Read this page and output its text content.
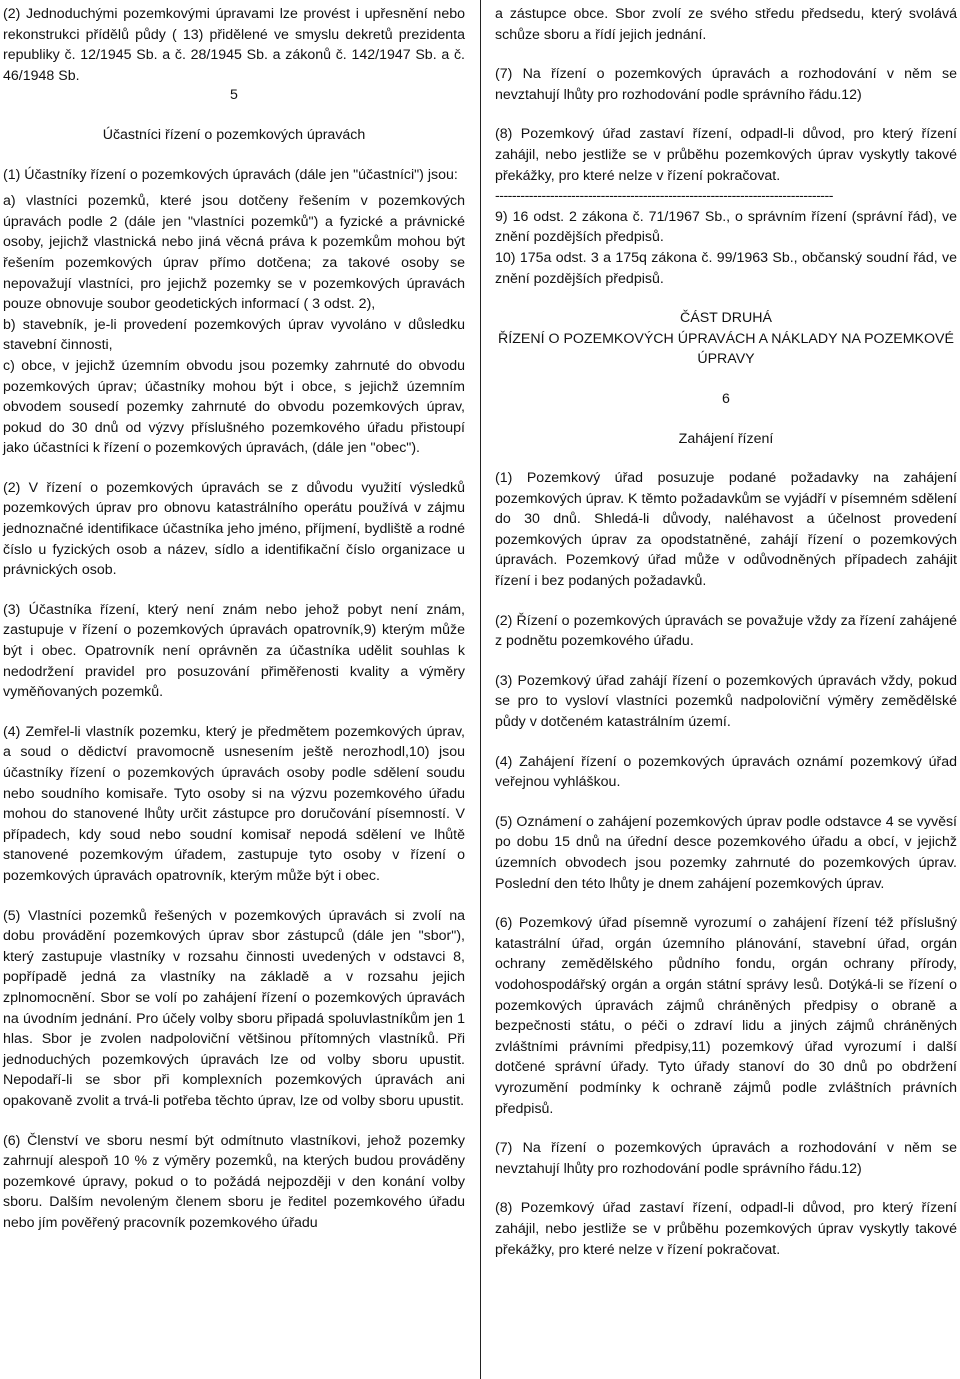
(2) Jednoduchými pozemkovými úpravami lze provést i upřesnění nebo rekonstrukci přídělů půdy ( 13) přidělené ve smyslu dekretů prezidenta republiky č. 12/1945 Sb. a č. 28/1945 Sb. a zákonů č. 142/1947 Sb. a č. 46/1948 Sb.

5

Účastníci řízení o pozemkových úpravách

(1) Účastníky řízení o pozemkových úpravách (dále jen "účastníci") jsou:

a) vlastníci pozemků, které jsou dotčeny řešením v pozemkových úpravách podle 2 (dále jen "vlastníci pozemků") a fyzické a právnické osoby, jejichž vlastnická nebo jiná věcná práva k pozemkům mohou být řešením pozemkových úprav přímo dotčena; za takové osoby se nepovažují vlastníci, pro jejichž pozemky se v pozemkových úpravách pouze obnovuje soubor geodetických informací ( 3 odst. 2),

b) stavebník, je-li provedení pozemkových úprav vyvoláno v důsledku stavební činnosti,

c) obce, v jejichž územním obvodu jsou pozemky zahrnuté do obvodu pozemkových úprav; účastníky mohou být i obce, s jejichž územním obvodem sousedí pozemky zahrnuté do obvodu pozemkových úprav, pokud do 30 dnů od výzvy příslušného pozemkového úřadu přistoupí jako účastníci k řízení o pozemkových úpravách, (dále jen "obec").

(2) V řízení o pozemkových úpravách se z důvodu využití výsledků pozemkových úprav pro obnovu katastrálního operátu používá v zájmu jednoznačné identifikace účastníka jeho jméno, příjmení, bydliště a rodné číslo u fyzických osob a název, sídlo a identifikační číslo organizace u právnických osob.

(3) Účastníka řízení, který není znám nebo jehož pobyt není znám, zastupuje v řízení o pozemkových úpravách opatrovník,9) kterým může být i obec. Opatrovník není oprávněn za účastníka udělit souhlas k nedodržení pravidel pro posuzování přiměřenosti kvality a výměry vyměňovaných pozemků.

(4) Zemřel-li vlastník pozemku, který je předmětem pozemkových úprav, a soud o dědictví pravomocně usnesením ještě nerozhodl,10) jsou účastníky řízení o pozemkových úpravách osoby podle sdělení soudu nebo soudního komisaře. Tyto osoby si na výzvu pozemkového úřadu mohou do stanovené lhůty určit zástupce pro doručování písemností. V případech, kdy soud nebo soudní komisař nepodá sdělení ve lhůtě stanovené pozemkovým úřadem, zastupuje tyto osoby v řízení o pozemkových úpravách opatrovník, kterým může být i obec.

(5) Vlastníci pozemků řešených v pozemkových úpravách si zvolí na dobu provádění pozemkových úprav sbor zástupců (dále jen "sbor"), který zastupuje vlastníky v rozsahu činnosti uvedených v odstavci 8, popřípadě jedná za vlastníky na základě a v rozsahu jejich zplnomocnění. Sbor se volí po zahájení řízení o pozemkových úpravách na úvodním jednání. Pro účely volby sboru připadá spoluvlastníkům jen 1 hlas. Sbor je zvolen nadpoloviční většinou přítomných vlastníků. Při jednoduchých pozemkových úpravách lze od volby sboru upustit. Nepodaří-li se sbor při komplexních pozemkových úpravách ani opakovaně zvolit a trvá-li potřeba těchto úprav, lze od volby sboru upustit.

(6) Členství ve sboru nesmí být odmítnuto vlastníkovi, jehož pozemky zahrnují alespoň 10 % z výměry pozemků, na kterých budou prováděny pozemkové úpravy, pokud o to požádá nejpozději v den konání volby sboru. Dalším nevoleným členem sboru je ředitel pozemkového úřadu nebo jím pověřený pracovník pozemkového úřadu

a zástupce obce. Sbor zvolí ze svého středu předsedu, který svolává schůze sboru a řídí jejich jednání.

(7) Na řízení o pozemkových úpravách a rozhodování v něm se nevztahují lhůty pro rozhodování podle správního řádu.12)

(8) Pozemkový úřad zastaví řízení, odpadl-li důvod, pro který řízení zahájil, nebo jestliže se v průběhu pozemkových úprav vyskytly takové překážky, pro které nelze v řízení pokračovat.

--------------------------------------------------------------------------------

9) 16 odst. 2 zákona č. 71/1967 Sb., o správním řízení (správní řád), ve znění pozdějších předpisů.

10) 175a odst. 3 a 175q zákona č. 99/1963 Sb., občanský soudní řád, ve znění pozdějších předpisů.

ČÁST DRUHÁ

ŘÍZENÍ O POZEMKOVÝCH ÚPRAVÁCH A NÁKLADY NA POZEMKOVÉ ÚPRAVY

6

Zahájení řízení

(1) Pozemkový úřad posuzuje podané požadavky na zahájení pozemkových úprav. K těmto požadavkům se vyjádří v písemném sdělení do 30 dnů. Shledá-li důvody, naléhavost a účelnost provedení pozemkových úprav za opodstatněné, zahájí řízení o pozemkových úpravách. Pozemkový úřad může v odůvodněných případech zahájit řízení i bez podaných požadavků.

(2) Řízení o pozemkových úpravách se považuje vždy za řízení zahájené z podnětu pozemkového úřadu.

(3) Pozemkový úřad zahájí řízení o pozemkových úpravách vždy, pokud se pro to vysloví vlastníci pozemků nadpoloviční výměry zemědělské půdy v dotčeném katastrálním území.

(4) Zahájení řízení o pozemkových úpravách oznámí pozemkový úřad veřejnou vyhláškou.

(5) Oznámení o zahájení pozemkových úprav podle odstavce 4 se vyvěsí po dobu 15 dnů na úřední desce pozemkového úřadu a obcí, v jejichž územních obvodech jsou pozemky zahrnuté do pozemkových úprav. Poslední den této lhůty je dnem zahájení pozemkových úprav.

(6) Pozemkový úřad písemně vyrozumí o zahájení řízení též příslušný katastrální úřad, orgán územního plánování, stavební úřad, orgán ochrany zemědělského půdního fondu, orgán ochrany přírody, vodohospodářský orgán a orgán státní správy lesů. Dotýká-li se řízení o pozemkových úpravách zájmů chráněných předpisy o obraně a bezpečnosti státu, o péči o zdraví lidu a jiných zájmů chráněných zvláštními právními předpisy,11) pozemkový úřad vyrozumí i další dotčené správní úřady. Tyto úřady stanoví do 30 dnů po obdržení vyrozumění podmínky k ochraně zájmů podle zvláštních právních předpisů.

(7) Na řízení o pozemkových úpravách a rozhodování v něm se nevztahují lhůty pro rozhodování podle správního řádu.12)

(8) Pozemkový úřad zastaví řízení, odpadl-li důvod, pro který řízení zahájil, nebo jestliže se v průběhu pozemkových úprav vyskytly takové překážky, pro které nelze v řízení pokračovat.
